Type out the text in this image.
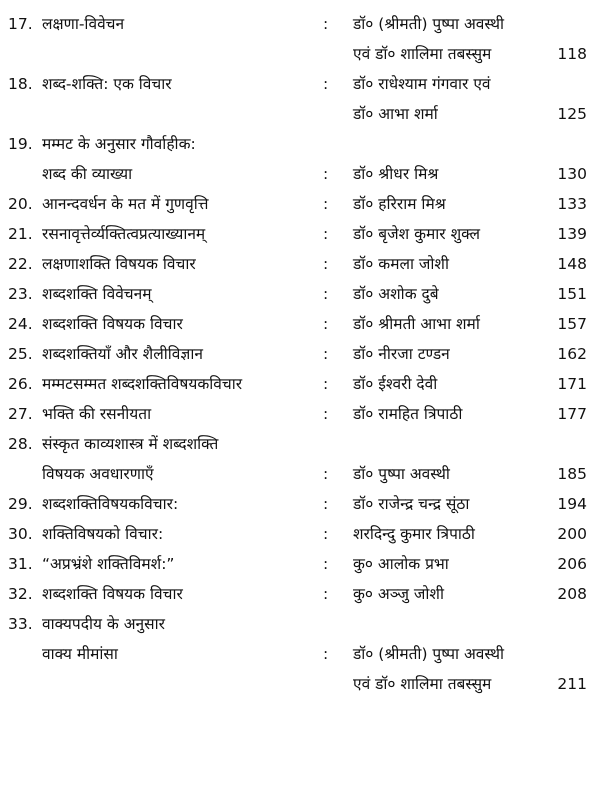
17. लक्षणा-विवेचन	: डॉ० (श्रीमती) पुष्पा अवस्थी
एवं डॉ० शालिमा तबस्सुम	118
18. शब्द-शक्ति: एक विचार	: डॉ० राधेश्याम गंगवार एवं
डॉ० आभा शर्मा	125
19. मम्मट के अनुसार गौर्वाहीक:
शब्द की व्याख्या	: डॉ० श्रीधर मिश्र	130
20. आनन्दवर्धन के मत में गुणवृत्ति	: डॉ० हरिराम मिश्र	133
21. रसनावृत्तेर्व्यक्तित्वप्रत्याख्यानम्	: डॉ० बृजेश कुमार शुक्ल	139
22. लक्षणाशक्ति विषयक विचार	: डॉ० कमला जोशी	148
23. शब्दशक्ति विवेचनम्	: डॉ० अशोक दुबे	151
24. शब्दशक्ति विषयक विचार	: डॉ० श्रीमती आभा शर्मा	157
25. शब्दशक्तियाँ और शैलीविज्ञान	: डॉ० नीरजा टण्डन	162
26. मम्मटसम्मत शब्दशक्तिविषयकविचार	: डॉ० ईश्वरी देवी	171
27. भक्ति की रसनीयता	: डॉ० रामहित त्रिपाठी	177
28. संस्कृत काव्यशास्त्र में शब्दशक्ति
विषयक अवधारणाएँ	: डॉ० पुष्पा अवस्थी	185
29. शब्दशक्तिविषयकविचार:	: डॉ० राजेन्द्र चन्द्र सूंठा	194
30. शक्तिविषयको विचार:	: शरदिन्दु कुमार त्रिपाठी	200
31. “अप्रभ्रंशे शक्तिविमर्श:”	: कु० आलोक प्रभा	206
32. शब्दशक्ति विषयक विचार	: कु० अञ्जु जोशी	208
33. वाक्यपदीय के अनुसार
वाक्य मीमांसा	: डॉ० (श्रीमती) पुष्पा अवस्थी
एवं डॉ० शालिमा तबस्सुम	211
